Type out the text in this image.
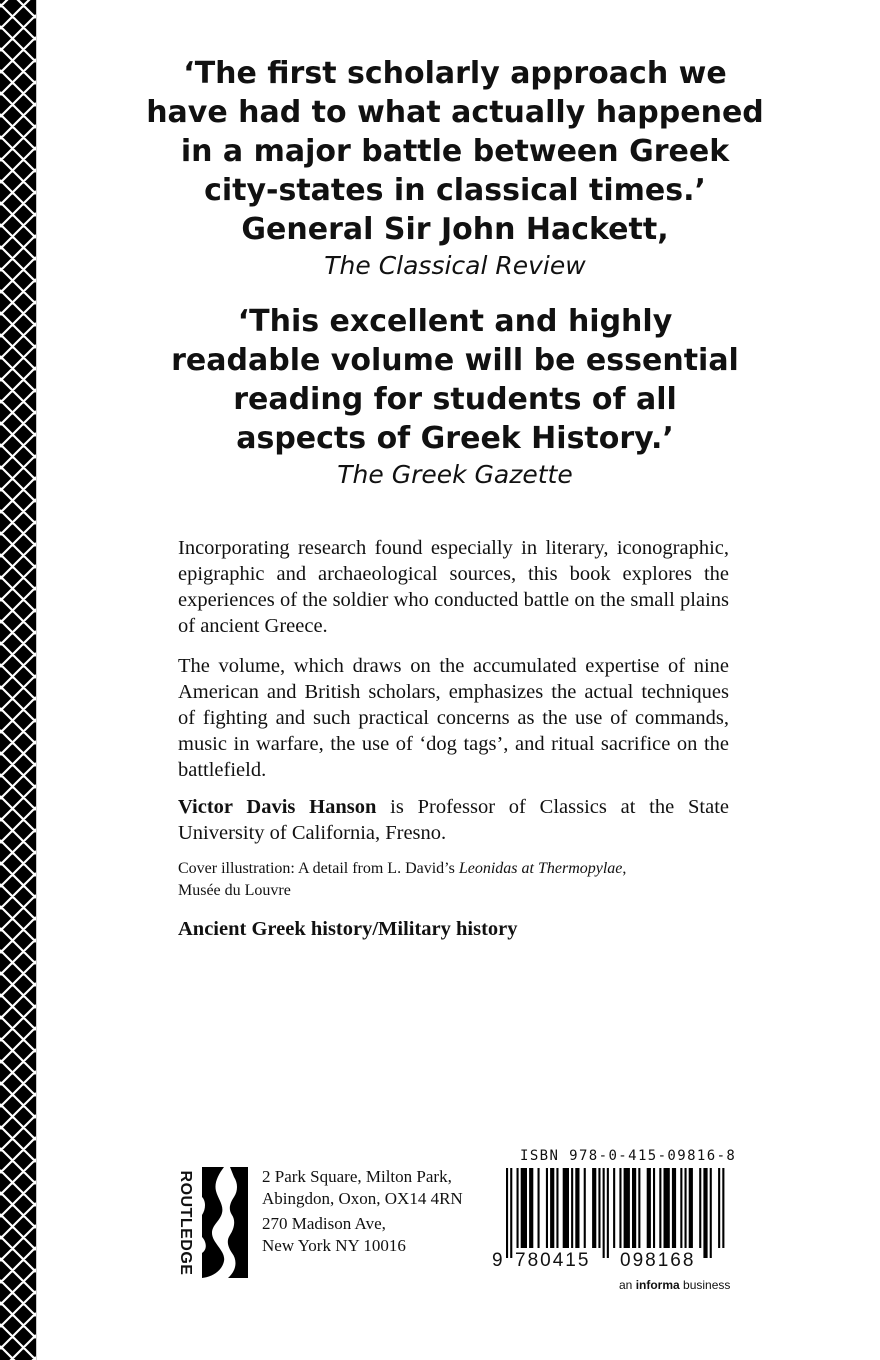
‘The first scholarly approach we

have had to what actually happened

in a major battle between Greek

city-states in classical times.’

General Sir John Hackett,
The Classical Review

‘This excellent and highly

readable volume will be essential

reading for students of all

aspects of Greek History.’

The Greek Gazette

Incorporating research found especially in literary, iconographic, epigraphic and archaeological sources, this book explores the experiences of the soldier who conducted battle on the small plains of ancient Greece.

The volume, which draws on the accumulated expertise of nine American and British scholars, emphasizes the actual techniques of fighting and such practical concerns as the use of commands, music in warfare, the use of ‘dog tags’, and ritual sacrifice on the battlefield.

Victor Davis Hanson is Professor of Classics at the State University of California, Fresno.

Cover illustration: A detail from L. David’s Leonidas at Thermopylae,
Musée du Louvre
Ancient Greek history/Military history
ROUTLEDGE	2 Park Square, Milton Park,
Abingdon, Oxon, OX14 4RN

270 Madison Ave,
New York NY 10016

ISBN 978-0-415-09816-8
9 780415 098168
an informa business
